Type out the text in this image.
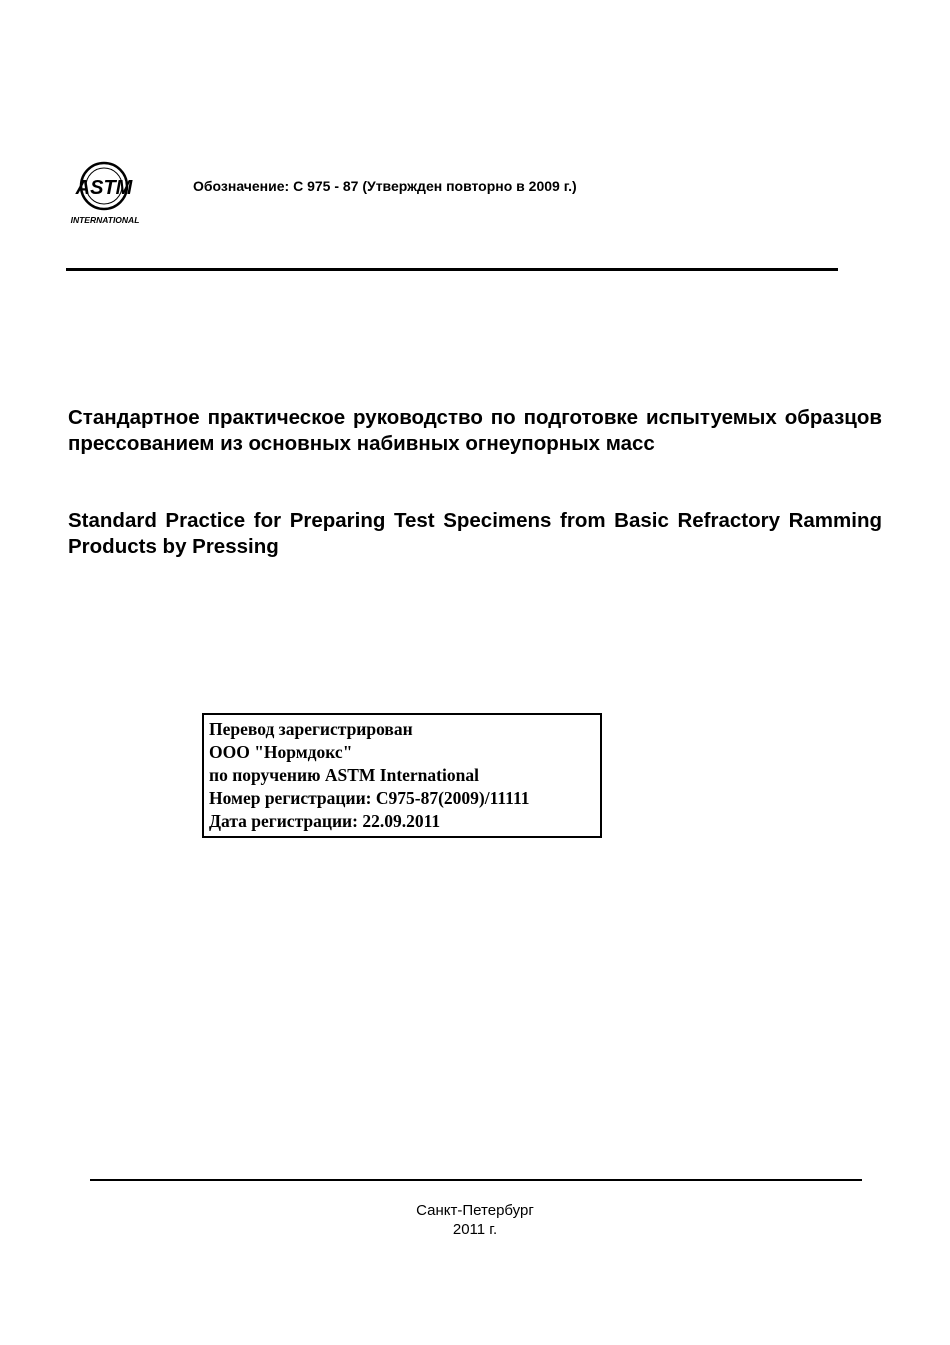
ASTM
INTERNATIONAL
Обозначение: C 975 - 87 (Утвержден повторно в 2009 г.)
Стандартное практическое руководство по подготовке испытуемых образцов прессованием из основных набивных огнеупорных масс
Standard Practice for Preparing Test Specimens from Basic Refractory Ramming Products by Pressing
Перевод зарегистрирован
ООО "Нормдокс"
по поручению ASTM International
Номер регистрации: C975-87(2009)/11111
Дата регистрации: 22.09.2011
Санкт-Петербург
2011 г.
